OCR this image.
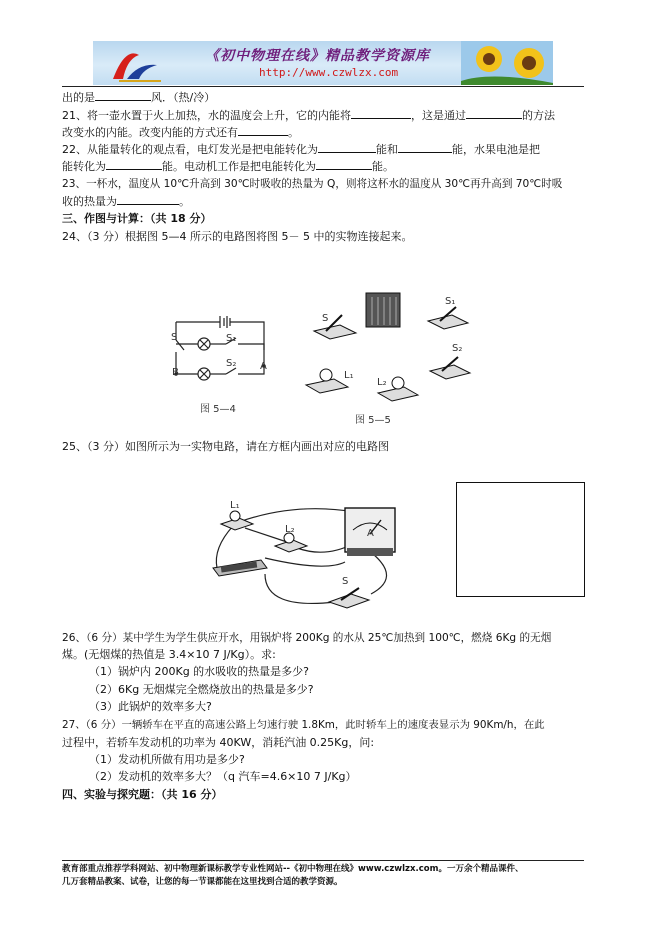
《初中物理在线》精品教学资源库
http://www.czwlzx.com
出的是	风．（热/冷）
21、将一壶水置于火上加热，水的温度会上升，它的内能将	，这是通过	的方法
改变水的内能。改变内能的方式还有	。
22、从能量转化的观点看，电灯发光是把电能转化为	能和	能，水果电池是把
能转化为	能。电动机工作是把电能转化为	能。
23、一杯水，温度从 10℃升高到 30℃时吸收的热量为 Q，则将这杯水的温度从 30℃再升高到 70℃时吸
收的热量为	。
三、作图与计算：（共 18 分）
24、（3 分）根据图 5—4 所示的电路图将图 5－ 5 中的实物连接起来。
S	S₁
S₂
B
A
图 5—4
S
S₁
S₂
L₁
L₂
图 5—5
25、（3 分）如图所示为一实物电路，请在方框内画出对应的电路图
L₁
L₂	A
S
26、（6 分）某中学生为学生供应开水，用锅炉将 200Kg 的水从 25℃加热到 100℃，燃烧 6Kg 的无烟
煤。(无烟煤的热值是 3.4×10 7 J/Kg）。求:
（1）锅炉内 200Kg 的水吸收的热量是多少?
（2）6Kg 无烟煤完全燃烧放出的热量是多少?
（3）此锅炉的效率多大?
27、（6 分）一辆轿车在平直的高速公路上匀速行驶 1.8Km，此时轿车上的速度表显示为 90Km/h，在此
过程中，若轿车发动机的功率为 40KW，消耗汽油 0.25Kg，问:
（1）发动机所做有用功是多少?
（2）发动机的效率多大？（q 汽车=4.6×10 7 J/Kg）
四、实验与探究题：（共 16 分）
教育部重点推荐学科网站、初中物理新课标教学专业性网站--《初中物理在线》www.czwlzx.com。一万余个精品课件、
几万套精品教案、试卷，让您的每一节课都能在这里找到合适的教学资源。
